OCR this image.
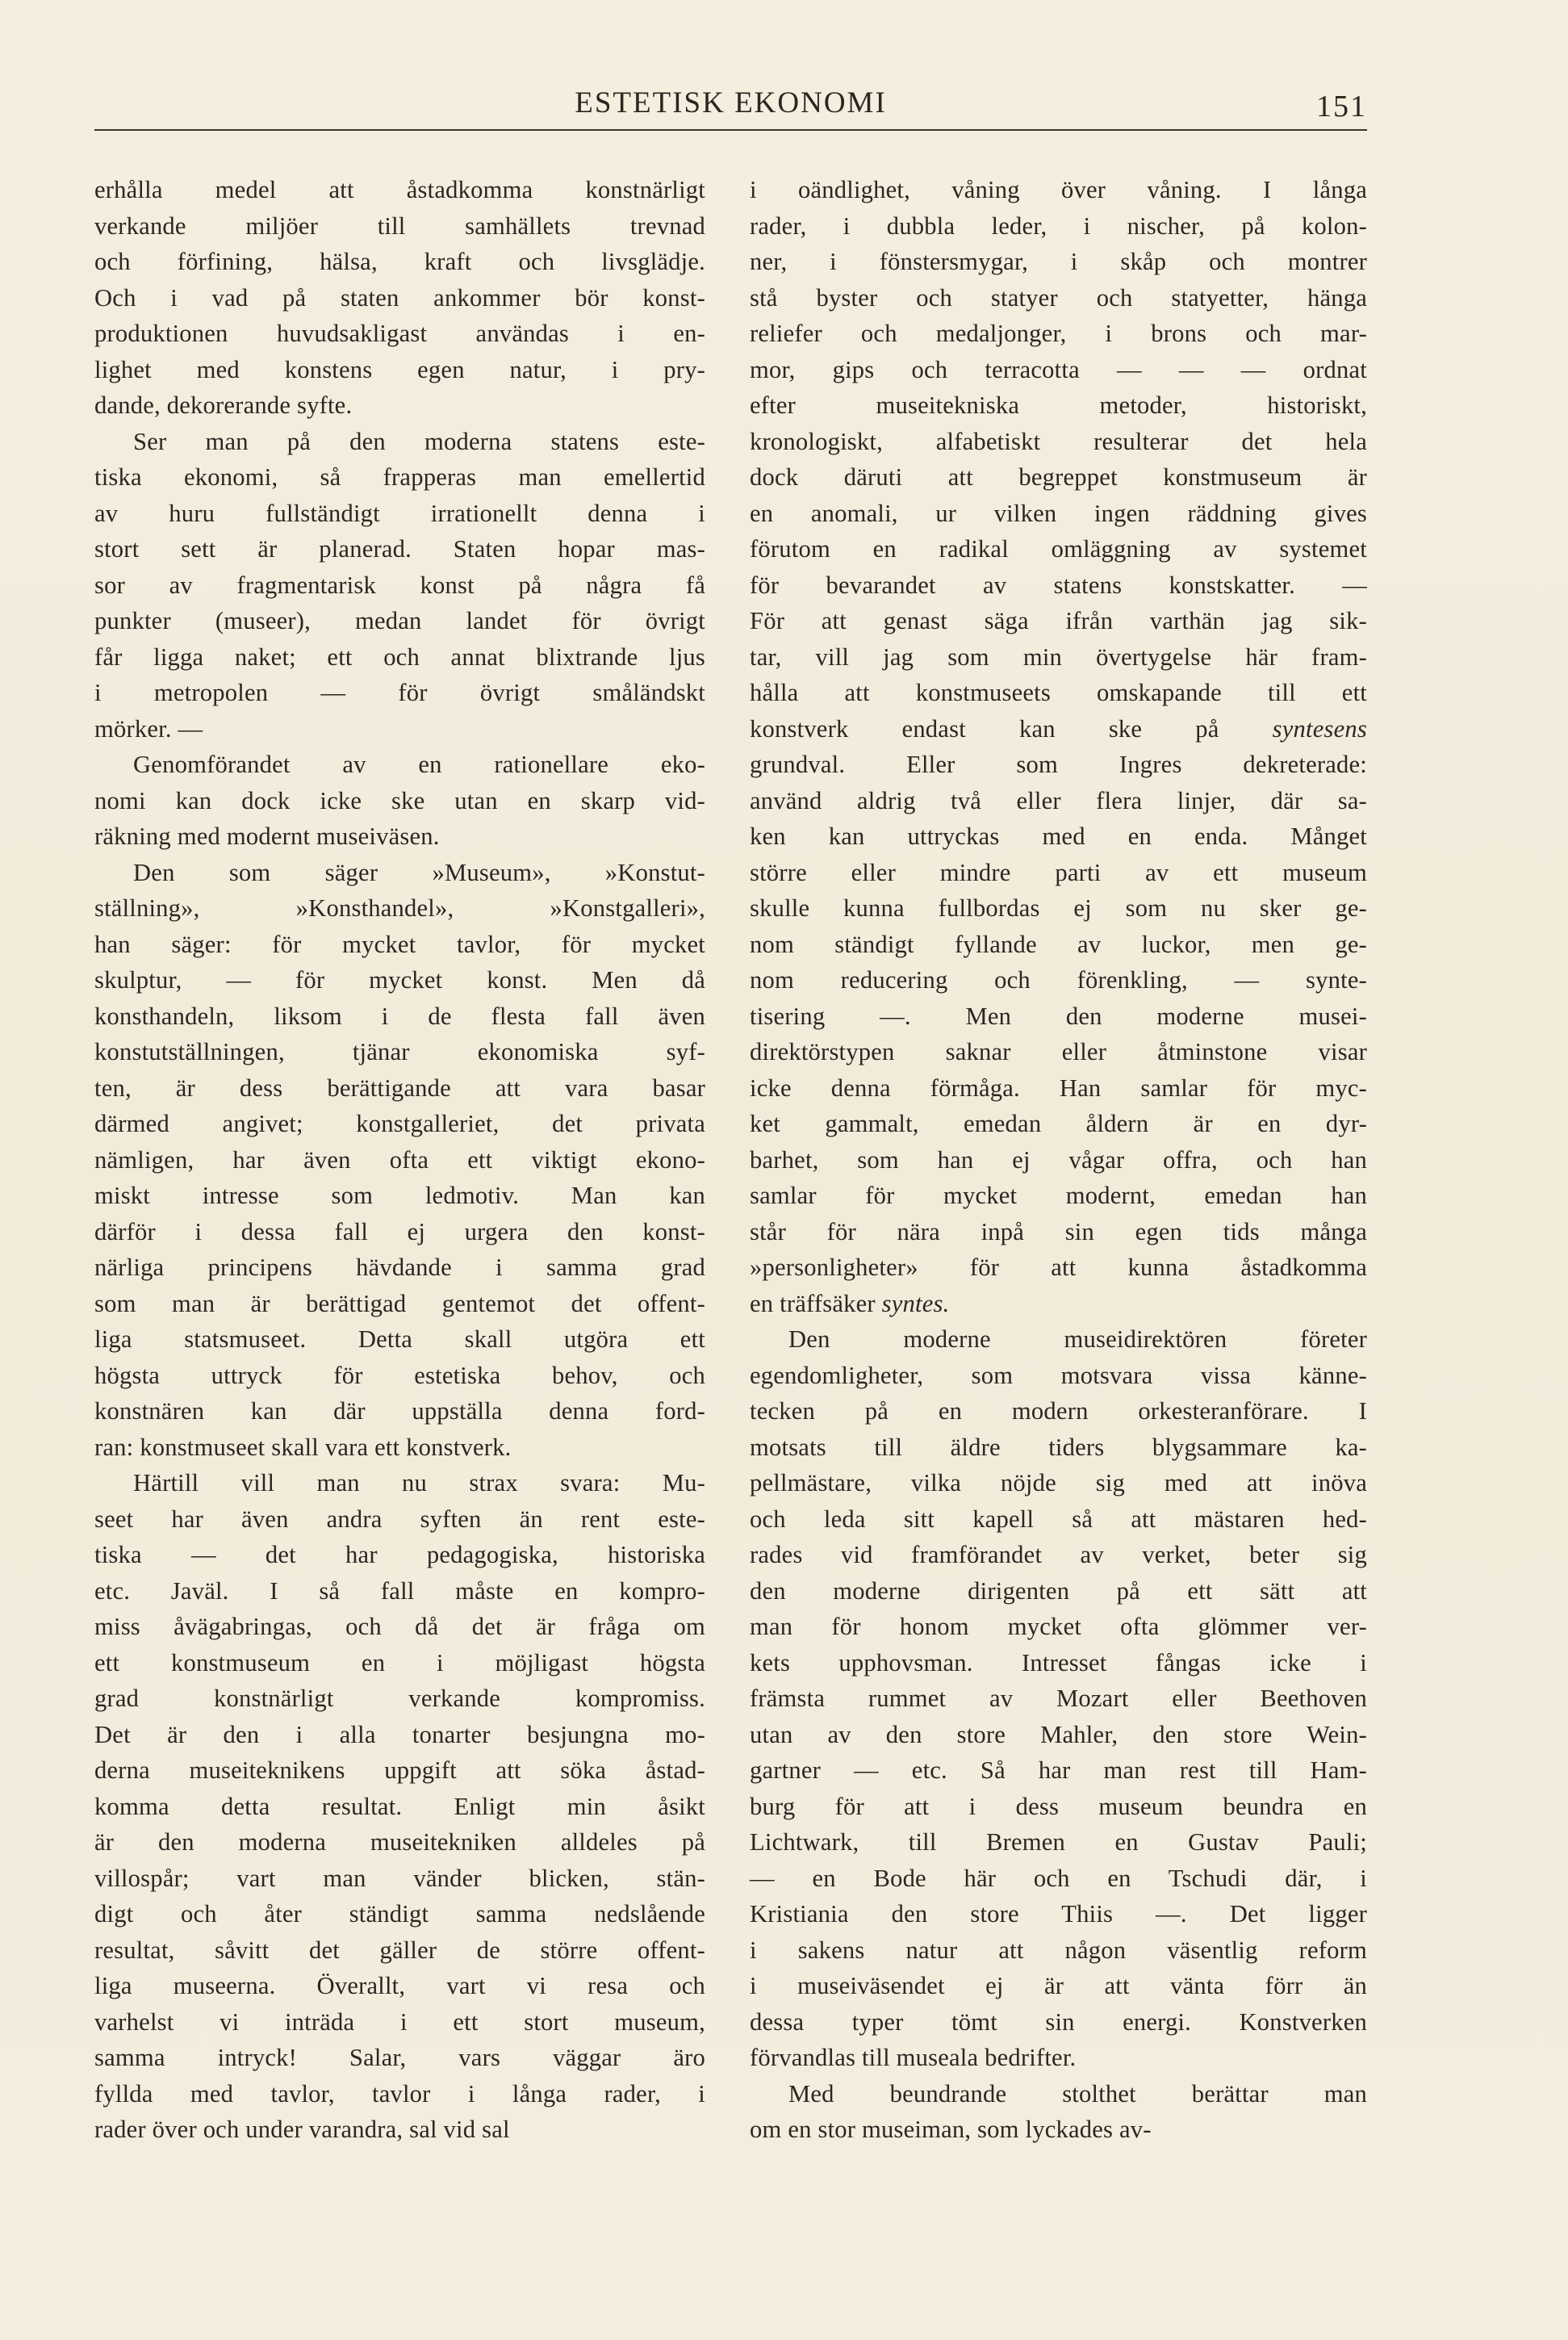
ESTETISK EKONOMI	151
erhålla medel att åstadkomma konstnärligt
verkande miljöer till samhällets trevnad
och förfining, hälsa, kraft och livsglädje.
Och i vad på staten ankommer bör konst-
produktionen huvudsakligast användas i en-
lighet med konstens egen natur, i pry-
dande, dekorerande syfte.
Ser man på den moderna statens este-
tiska ekonomi, så frapperas man emellertid
av huru fullständigt irrationellt denna i
stort sett är planerad. Staten hopar mas-
sor av fragmentarisk konst på några få
punkter (museer), medan landet för övrigt
får ligga naket; ett och annat blixtrande ljus
i metropolen — för övrigt småländskt
mörker. —
Genomförandet av en rationellare eko-
nomi kan dock icke ske utan en skarp vid-
räkning med modernt museiväsen.
Den som säger »Museum», »Konstut-
ställning», »Konsthandel», »Konstgalleri»,
han säger: för mycket tavlor, för mycket
skulptur, — för mycket konst. Men då
konsthandeln, liksom i de flesta fall även
konstutställningen, tjänar ekonomiska syf-
ten, är dess berättigande att vara basar
därmed angivet; konstgalleriet, det privata
nämligen, har även ofta ett viktigt ekono-
miskt intresse som ledmotiv. Man kan
därför i dessa fall ej urgera den konst-
närliga principens hävdande i samma grad
som man är berättigad gentemot det offent-
liga statsmuseet. Detta skall utgöra ett
högsta uttryck för estetiska behov, och
konstnären kan där uppställa denna ford-
ran: konstmuseet skall vara ett konstverk.
Härtill vill man nu strax svara: Mu-
seet har även andra syften än rent este-
tiska — det har pedagogiska, historiska
etc. Javäl. I så fall måste en kompro-
miss åvägabringas, och då det är fråga om
ett konstmuseum en i möjligast högsta
grad konstnärligt verkande kompromiss.
Det är den i alla tonarter besjungna mo-
derna museiteknikens uppgift att söka åstad-
komma detta resultat. Enligt min åsikt
är den moderna museitekniken alldeles på
villospår; vart man vänder blicken, stän-
digt och åter ständigt samma nedslående
resultat, såvitt det gäller de större offent-
liga museerna. Överallt, vart vi resa och
varhelst vi inträda i ett stort museum,
samma intryck! Salar, vars väggar äro
fyllda med tavlor, tavlor i långa rader, i
rader över och under varandra, sal vid sal
i oändlighet, våning över våning. I långa
rader, i dubbla leder, i nischer, på kolon-
ner, i fönstersmygar, i skåp och montrer
stå byster och statyer och statyetter, hänga
reliefer och medaljonger, i brons och mar-
mor, gips och terracotta — — — ordnat
efter museitekniska metoder, historiskt,
kronologiskt, alfabetiskt resulterar det hela
dock däruti att begreppet konstmuseum är
en anomali, ur vilken ingen räddning gives
förutom en radikal omläggning av systemet
för bevarandet av statens konstskatter. —
För att genast säga ifrån varthän jag sik-
tar, vill jag som min övertygelse här fram-
hålla att konstmuseets omskapande till ett
konstverk endast kan ske på syntesens
grundval. Eller som Ingres dekreterade:
använd aldrig två eller flera linjer, där sa-
ken kan uttryckas med en enda. Månget
större eller mindre parti av ett museum
skulle kunna fullbordas ej som nu sker ge-
nom ständigt fyllande av luckor, men ge-
nom reducering och förenkling, — synte-
tisering —. Men den moderne musei-
direktörstypen saknar eller åtminstone visar
icke denna förmåga. Han samlar för myc-
ket gammalt, emedan åldern är en dyr-
barhet, som han ej vågar offra, och han
samlar för mycket modernt, emedan han
står för nära inpå sin egen tids många
»personligheter» för att kunna åstadkomma
en träffsäker syntes.
Den moderne museidirektören företer
egendomligheter, som motsvara vissa känne-
tecken på en modern orkesteranförare. I
motsats till äldre tiders blygsammare ka-
pellmästare, vilka nöjde sig med att inöva
och leda sitt kapell så att mästaren hed-
rades vid framförandet av verket, beter sig
den moderne dirigenten på ett sätt att
man för honom mycket ofta glömmer ver-
kets upphovsman. Intresset fångas icke i
främsta rummet av Mozart eller Beethoven
utan av den store Mahler, den store Wein-
gartner — etc. Så har man rest till Ham-
burg för att i dess museum beundra en
Lichtwark, till Bremen en Gustav Pauli;
— en Bode här och en Tschudi där, i
Kristiania den store Thiis —. Det ligger
i sakens natur att någon väsentlig reform
i museiväsendet ej är att vänta förr än
dessa typer tömt sin energi. Konstverken
förvandlas till museala bedrifter.
Med beundrande stolthet berättar man
om en stor museiman, som lyckades av-
